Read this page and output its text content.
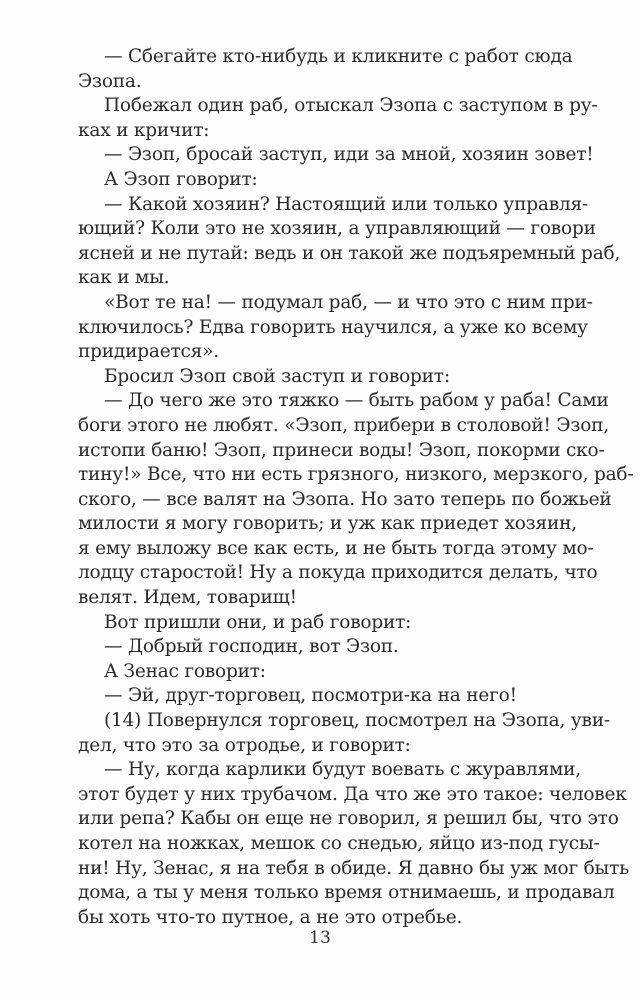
— Сбегайте кто-нибудь и кликните с работ сюда
Эзопа.
Побежал один раб, отыскал Эзопа с заступом в ру-
ках и кричит:
— Эзоп, бросай заступ, иди за мной, хозяин зовет!
А Эзоп говорит:
— Какой хозяин? Настоящий или только управля-
ющий? Коли это не хозяин, а управляющий — говори
ясней и не путай: ведь и он такой же подъяремный раб,
как и мы.
«Вот те на! — подумал раб, — и что это с ним при-
ключилось? Едва говорить научился, а уже ко всему
придирается».
Бросил Эзоп свой заступ и говорит:
— До чего же это тяжко — быть рабом у раба! Сами
боги этого не любят. «Эзоп, прибери в столовой! Эзоп,
истопи баню! Эзоп, принеси воды! Эзоп, покорми ско-
тину!» Все, что ни есть грязного, низкого, мерзкого, раб-
ского, — все валят на Эзопа. Но зато теперь по божьей
милости я могу говорить; и уж как приедет хозяин,
я ему выложу все как есть, и не быть тогда этому мо-
лодцу старостой! Ну а покуда приходится делать, что
велят. Идем, товарищ!
Вот пришли они, и раб говорит:
— Добрый господин, вот Эзоп.
А Зенас говорит:
— Эй, друг-торговец, посмотри-ка на него!
(14) Повернулся торговец, посмотрел на Эзопа, уви-
дел, что это за отродье, и говорит:
— Ну, когда карлики будут воевать с журавлями,
этот будет у них трубачом. Да что же это такое: человек
или репа? Кабы он еще не говорил, я решил бы, что это
котел на ножках, мешок со снедью, яйцо из-под гусы-
ни! Ну, Зенас, я на тебя в обиде. Я давно бы уж мог быть
дома, а ты у меня только время отнимаешь, и продавал
бы хоть что-то путное, а не это отребье.
13
